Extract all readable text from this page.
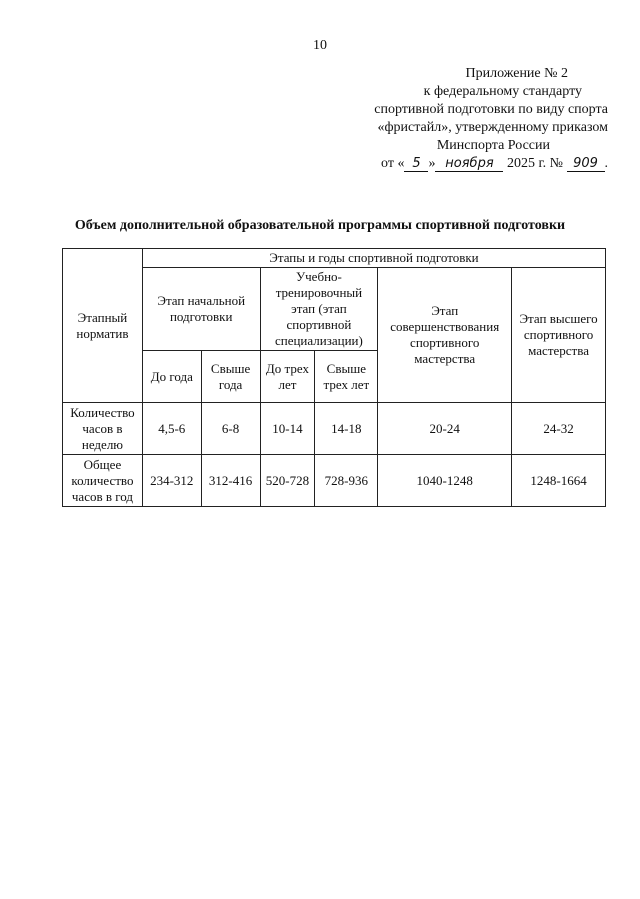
10
Приложение № 2
к федеральному стандарту
спортивной подготовки по виду спорта
«фристайл», утвержденному приказом
Минспорта России
от « 5 » ноября 2025 г. № 909 .
Объем дополнительной образовательной программы спортивной подготовки
Этапный норматив	Этапы и годы спортивной подготовки					
	Этап начальной подготовки		Учебно-тренировочный этап (этап спортивной специализации)		Этап совершенствования спортивного мастерства	Этап высшего спортивного мастерства
	До года	Свыше года	До трех лет	Свыше трех лет		
Количество часов в неделю	4,5-6	6-8	10-14	14-18	20-24	24-32
Общее количество часов в год	234-312	312-416	520-728	728-936	1040-1248	1248-1664
